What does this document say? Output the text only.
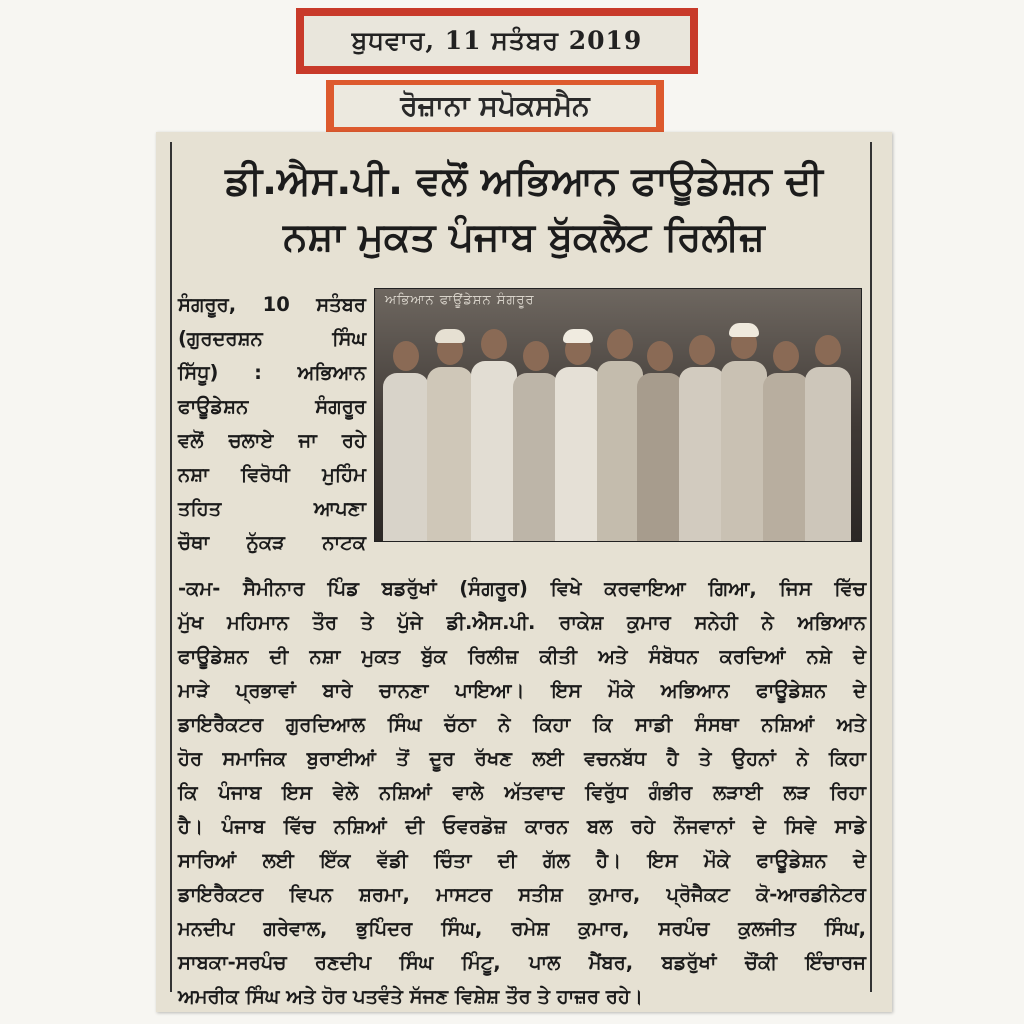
ਬੁਧਵਾਰ, 11 ਸਤੰਬਰ 2019
ਰੋਜ਼ਾਨਾ ਸਪੋਕਸਮੈਨ
ਡੀ.ਐਸ.ਪੀ. ਵਲੋਂ ਅਭਿਆਨ ਫਾਊਡੇਸ਼ਨ ਦੀ
ਨਸ਼ਾ ਮੁਕਤ ਪੰਜਾਬ ਬੁੱਕਲੈਟ ਰਿਲੀਜ਼
ਅਭਿਆਨ ਫਾਊਂਡੇਸ਼ਨ ਸੰਗਰੂਰ
ਸੰਗਰੂਰ, 10 ਸਤੰਬਰ
(ਗੁਰਦਰਸ਼ਨ ਸਿੰਘ
ਸਿੱਧੂ) : ਅਭਿਆਨ
ਫਾਊਡੇਸ਼ਨ ਸੰਗਰੂਰ
ਵਲੋਂ ਚਲਾਏ ਜਾ ਰਹੇ
ਨਸ਼ਾ ਵਿਰੋਧੀ ਮੁਹਿੰਮ
ਤਹਿਤ ਆਪਣਾ
ਚੌਥਾ ਨੁੱਕੜ ਨਾਟਕ
-ਕਮ- ਸੈਮੀਨਾਰ ਪਿੰਡ ਬਡਰੁੱਖਾਂ (ਸੰਗਰੂਰ) ਵਿਖੇ ਕਰਵਾਇਆ ਗਿਆ, ਜਿਸ ਵਿੱਚ
ਮੁੱਖ ਮਹਿਮਾਨ ਤੌਰ ਤੇ ਪੁੱਜੇ ਡੀ.ਐਸ.ਪੀ. ਰਾਕੇਸ਼ ਕੁਮਾਰ ਸਨੇਹੀ ਨੇ ਅਭਿਆਨ
ਫਾਊਡੇਸ਼ਨ ਦੀ ਨਸ਼ਾ ਮੁਕਤ ਬੁੱਕ ਰਿਲੀਜ਼ ਕੀਤੀ ਅਤੇ ਸੰਬੋਧਨ ਕਰਦਿਆਂ ਨਸ਼ੇ ਦੇ
ਮਾੜੇ ਪ੍ਰਭਾਵਾਂ ਬਾਰੇ ਚਾਨਣਾ ਪਾਇਆ। ਇਸ ਮੌਕੇ ਅਭਿਆਨ ਫਾਊਡੇਸ਼ਨ ਦੇ
ਡਾਇਰੈਕਟਰ ਗੁਰਦਿਆਲ ਸਿੰਘ ਚੱਠਾ ਨੇ ਕਿਹਾ ਕਿ ਸਾਡੀ ਸੰਸਥਾ ਨਸ਼ਿਆਂ ਅਤੇ
ਹੋਰ ਸਮਾਜਿਕ ਬੁਰਾਈਆਂ ਤੋਂ ਦੂਰ ਰੱਖਣ ਲਈ ਵਚਨਬੱਧ ਹੈ ਤੇ ਉਹਨਾਂ ਨੇ ਕਿਹਾ
ਕਿ ਪੰਜਾਬ ਇਸ ਵੇਲੇ ਨਸ਼ਿਆਂ ਵਾਲੇ ਅੱਤਵਾਦ ਵਿਰੁੱਧ ਗੰਭੀਰ ਲੜਾਈ ਲੜ ਰਿਹਾ
ਹੈ। ਪੰਜਾਬ ਵਿੱਚ ਨਸ਼ਿਆਂ ਦੀ ਓਵਰਡੋਜ਼ ਕਾਰਨ ਬਲ ਰਹੇ ਨੌਜਵਾਨਾਂ ਦੇ ਸਿਵੇ ਸਾਡੇ
ਸਾਰਿਆਂ ਲਈ ਇੱਕ ਵੱਡੀ ਚਿੰਤਾ ਦੀ ਗੱਲ ਹੈ। ਇਸ ਮੌਕੇ ਫਾਊਡੇਸ਼ਨ ਦੇ
ਡਾਇਰੈਕਟਰ ਵਿਪਨ ਸ਼ਰਮਾ, ਮਾਸਟਰ ਸਤੀਸ਼ ਕੁਮਾਰ, ਪ੍ਰੋਜੈਕਟ ਕੋ-ਆਰਡੀਨੇਟਰ
ਮਨਦੀਪ ਗਰੇਵਾਲ, ਭੁਪਿੰਦਰ ਸਿੰਘ, ਰਮੇਸ਼ ਕੁਮਾਰ, ਸਰਪੰਚ ਕੁਲਜੀਤ ਸਿੰਘ,
ਸਾਬਕਾ-ਸਰਪੰਚ ਰਣਦੀਪ ਸਿੰਘ ਮਿੰਟੂ, ਪਾਲ ਮੈਂਬਰ, ਬਡਰੁੱਖਾਂ ਚੌਂਕੀ ਇੰਚਾਰਜ
ਅਮਰੀਕ ਸਿੰਘ ਅਤੇ ਹੋਰ ਪਤਵੰਤੇ ਸੱਜਣ ਵਿਸ਼ੇਸ਼ ਤੌਰ ਤੇ ਹਾਜ਼ਰ ਰਹੇ।
